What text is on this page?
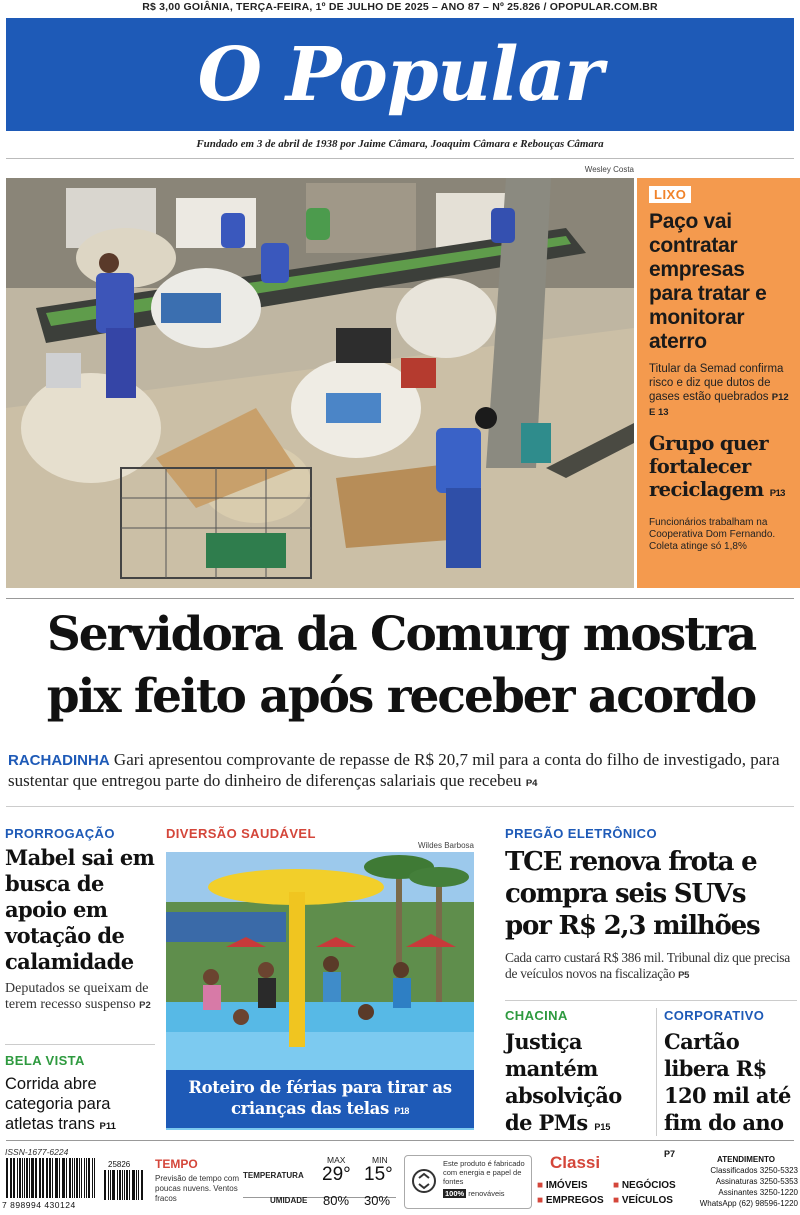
R$ 3,00 GOIÂNIA, TERÇA-FEIRA, 1º DE JULHO DE 2025 – ANO 87 – Nº 25.826 / OPOPULAR.COM.BR
O Popular
Fundado em 3 de abril de 1938 por Jaime Câmara, Joaquim Câmara e Rebouças Câmara
Wesley Costa
LIXO
Paço vai contratar empresas para tratar e monitorar aterro
Titular da Semad confirma risco e diz que dutos de gases estão quebrados P12 E 13
Grupo quer fortalecer reciclagem P13
Funcionários trabalham na Cooperativa Dom Fernando. Coleta atinge só 1,8%
Servidora da Comurg mostra
pix feito após receber acordo
RACHADINHA Gari apresentou comprovante de repasse de R$ 20,7 mil para a conta do filho de investigado, para sustentar que entregou parte do dinheiro de diferenças salariais que recebeu P4
PRORROGAÇÃO
Mabel sai em busca de apoio em votação de calamidade
Deputados se queixam de terem recesso suspenso P2
BELA VISTA
Corrida abre categoria para atletas trans P11
DIVERSÃO SAUDÁVEL
Wildes Barbosa
Roteiro de férias para tirar as crianças das telas P18
PREGÃO ELETRÔNICO
TCE renova frota e compra seis SUVs por R$ 2,3 milhões
Cada carro custará R$ 386 mil. Tribunal diz que precisa de veículos novos na fiscalização P5
CHACINA
Justiça mantém absolvição de PMs P15
CORPORATIVO
Cartão libera R$ 120 mil até fim do ano P7
ISSN-1677-6224
7 898994 430124
25826 TEMPO
Previsão de tempo com poucas nuvens. Ventos fracos
MAX	MIN
TEMPERATURA 29° 15°
UMIDADE 80% 30%
Este produto é fabricado com energia e papel de fontes
100% renováveis
Classi
■ IMÓVEIS	■ NEGÓCIOS
■ EMPREGOS ■ VEÍCULOS
ATENDIMENTO
Classificados 3250-5323
Assinaturas 3250-5353
Assinantes 3250-1220
WhatsApp (62) 98596-1220
